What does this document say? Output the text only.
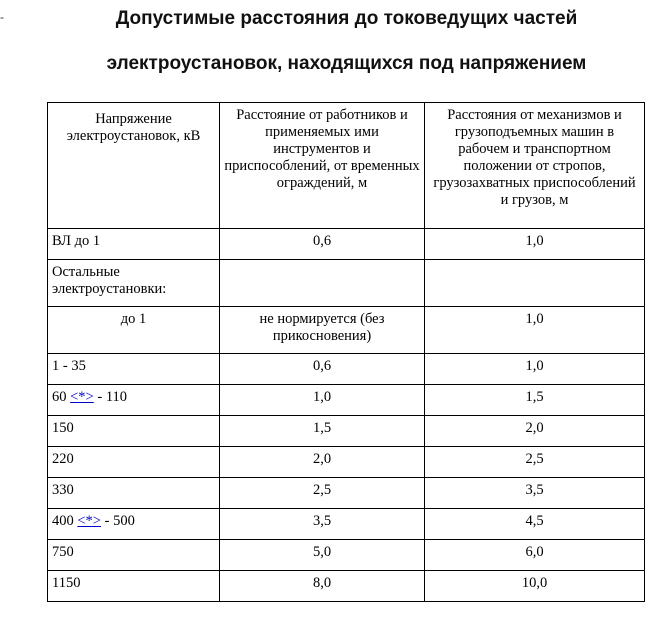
-	Допустимые расстояния до токоведущих частей
электроустановок, находящихся под напряжением
Напряжение электроустановок, кВ	Расстояние от работников и применяемых ими инструментов и приспособлений, от временных ограждений, м	Расстояния от механизмов и грузоподъемных машин в рабочем и транспортном положении от стропов, грузозахватных приспособлений и грузов, м
ВЛ до 1	0,6	1,0
Остальные электроустановки:		
до 1	не нормируется (без прикосновения)	1,0
1 - 35	0,6	1,0
60 <*> - 110	1,0	1,5
150	1,5	2,0
220	2,0	2,5
330	2,5	3,5
400 <*> - 500	3,5	4,5
750	5,0	6,0
1150	8,0	10,0
